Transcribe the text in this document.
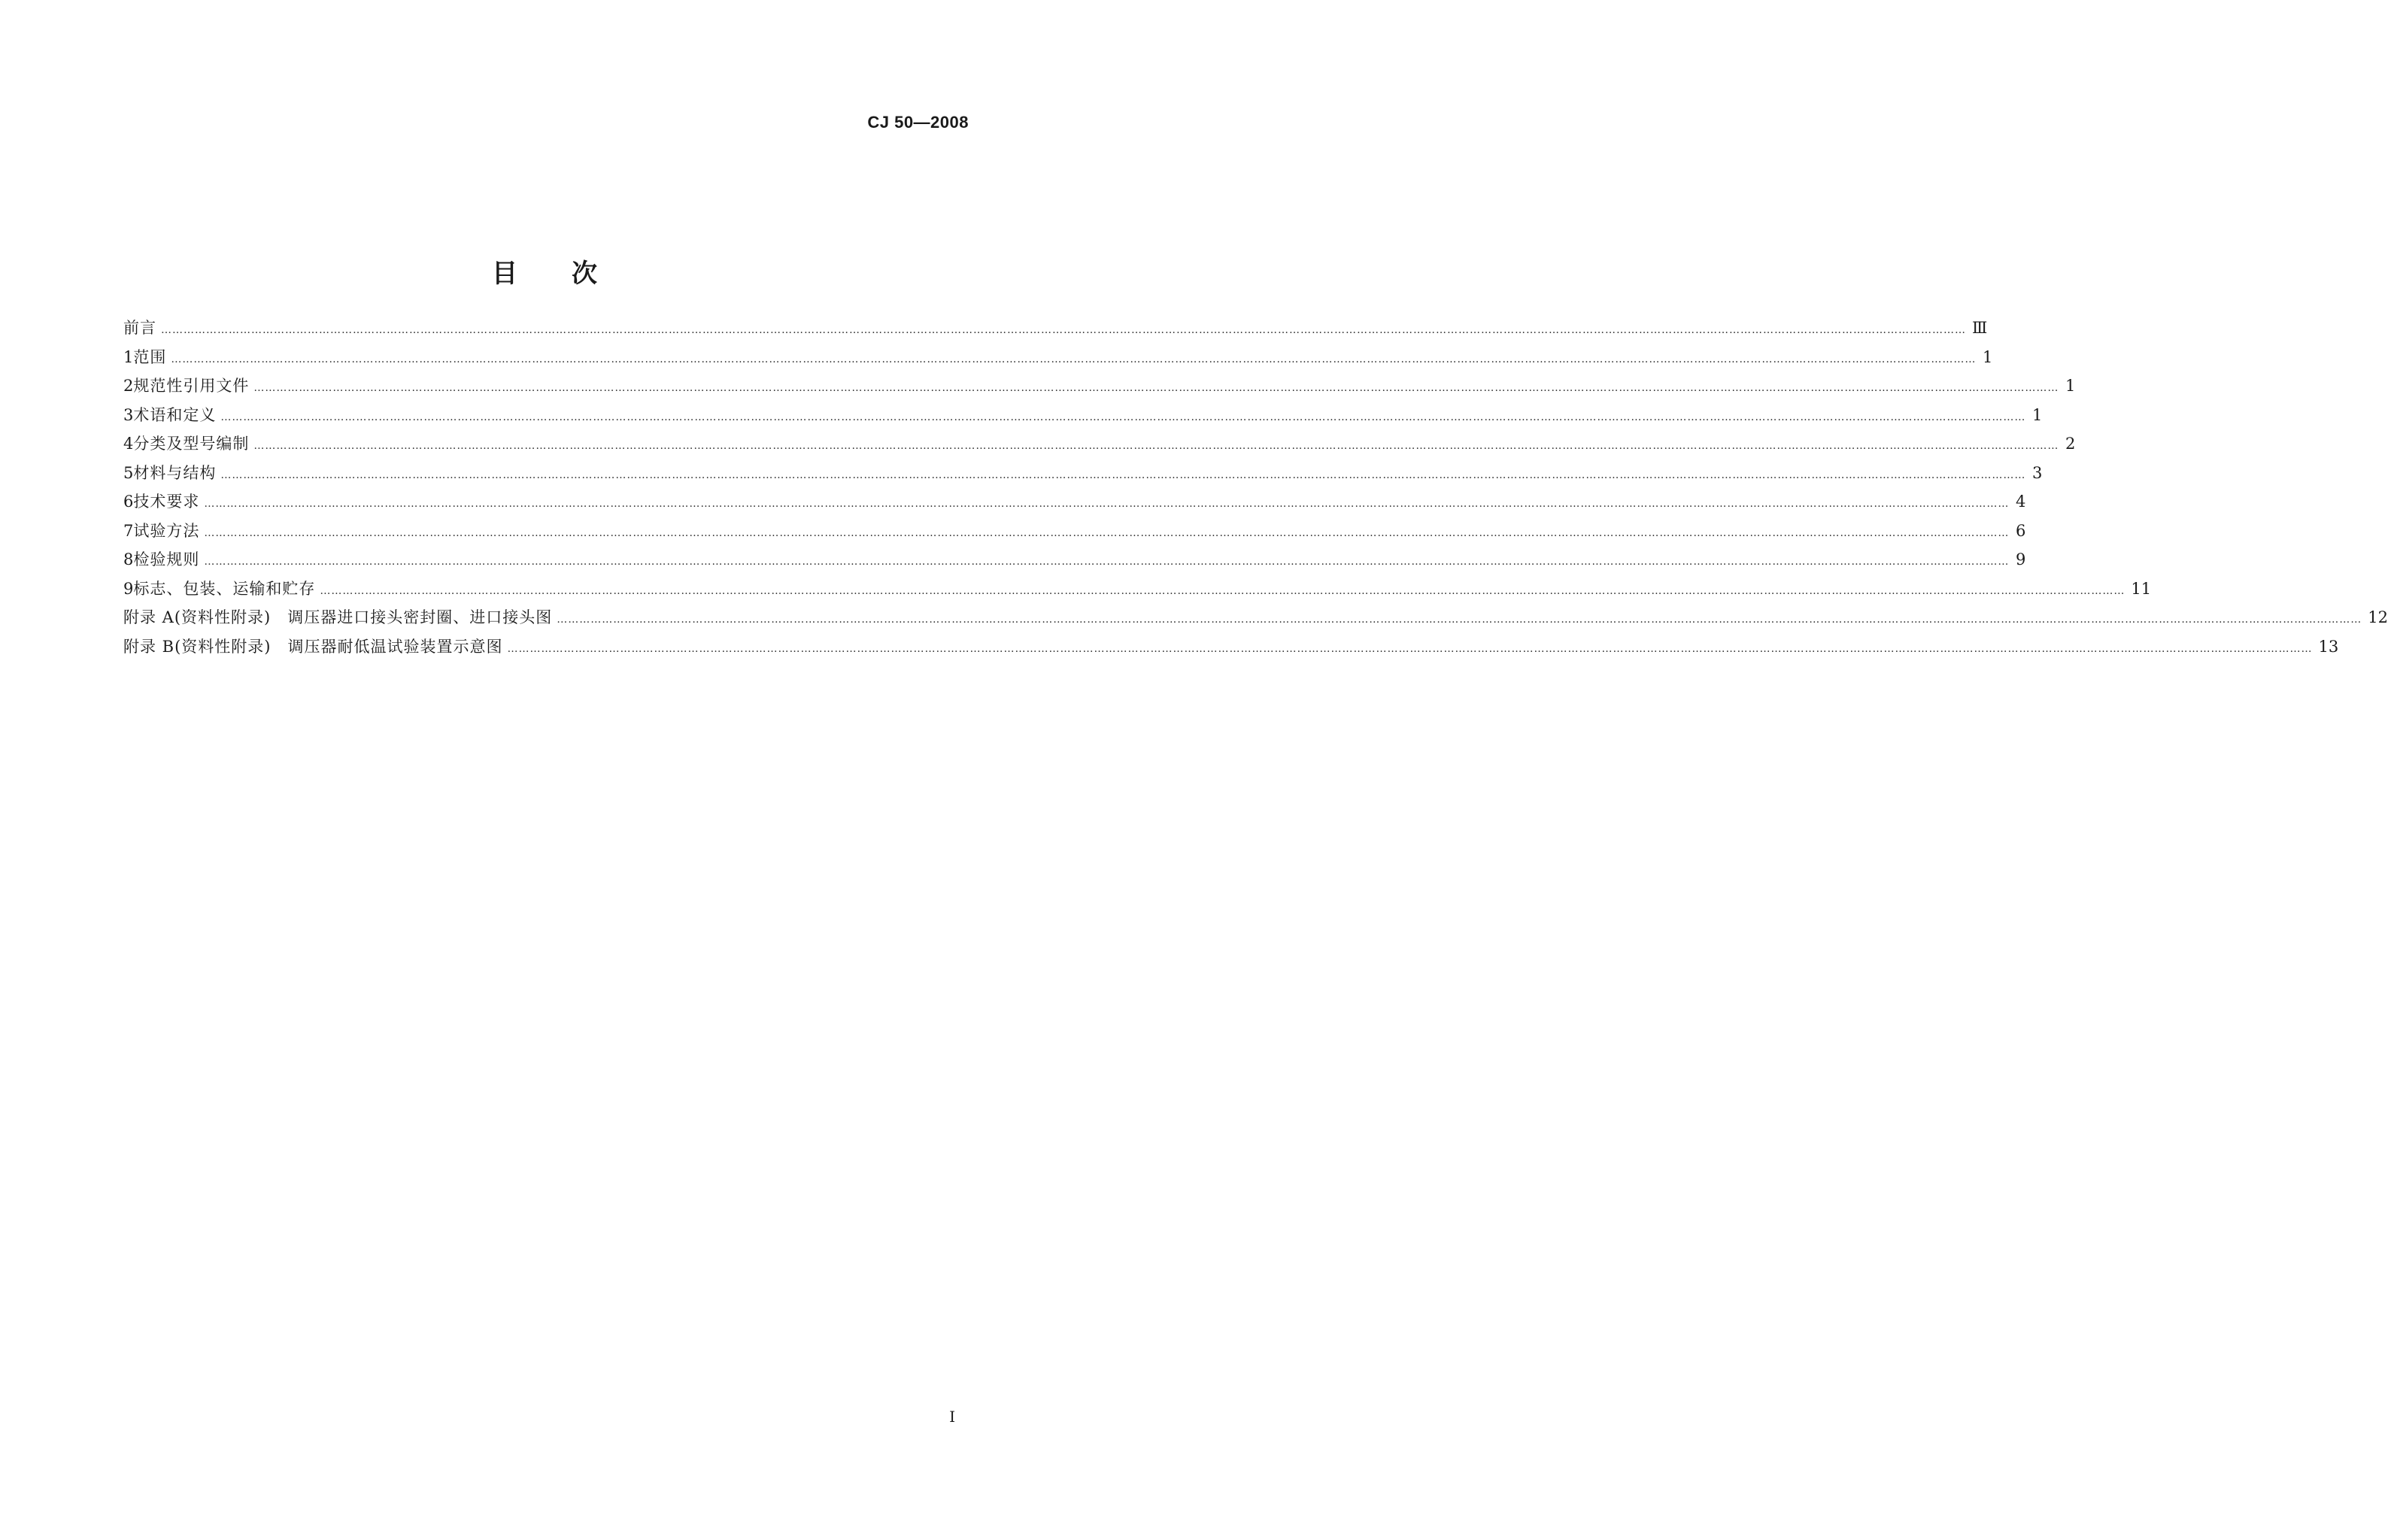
CJ 50—2008
目 次
前言 ………………………………………………………………………………………………………………………………………………………………………………………………………………………………………………………………………………………………………………………………………………………………………………………………………………………………………… Ⅲ
1 范围 ………………………………………………………………………………………………………………………………………………………………………………………………………………………………………………………………………………………………………………………………………………………………………………………………………………………………………… 1
2 规范性引用文件 ………………………………………………………………………………………………………………………………………………………………………………………………………………………………………………………………………………………………………………………………………………………………………………………………………………………………………… 1
3 术语和定义 ………………………………………………………………………………………………………………………………………………………………………………………………………………………………………………………………………………………………………………………………………………………………………………………………………………………………………… 1
4 分类及型号编制 ………………………………………………………………………………………………………………………………………………………………………………………………………………………………………………………………………………………………………………………………………………………………………………………………………………………………………… 2
5 材料与结构 ………………………………………………………………………………………………………………………………………………………………………………………………………………………………………………………………………………………………………………………………………………………………………………………………………………………………………… 3
6 技术要求 ………………………………………………………………………………………………………………………………………………………………………………………………………………………………………………………………………………………………………………………………………………………………………………………………………………………………………… 4
7 试验方法 ………………………………………………………………………………………………………………………………………………………………………………………………………………………………………………………………………………………………………………………………………………………………………………………………………………………………………… 6
8 检验规则 ………………………………………………………………………………………………………………………………………………………………………………………………………………………………………………………………………………………………………………………………………………………………………………………………………………………………………… 9
9 标志、包装、运输和贮存 ………………………………………………………………………………………………………………………………………………………………………………………………………………………………………………………………………………………………………………………………………………………………………………………………………………………………………… 11
附录 A(资料性附录)　调压器进口接头密封圈、进口接头图 ………………………………………………………………………………………………………………………………………………………………………………………………………………………………………………………………………………………………………………………………………………………………………………………………………………………………………… 12
附录 B(资料性附录)　调压器耐低温试验装置示意图 ………………………………………………………………………………………………………………………………………………………………………………………………………………………………………………………………………………………………………………………………………………………………………………………………………………………………………… 13
I
